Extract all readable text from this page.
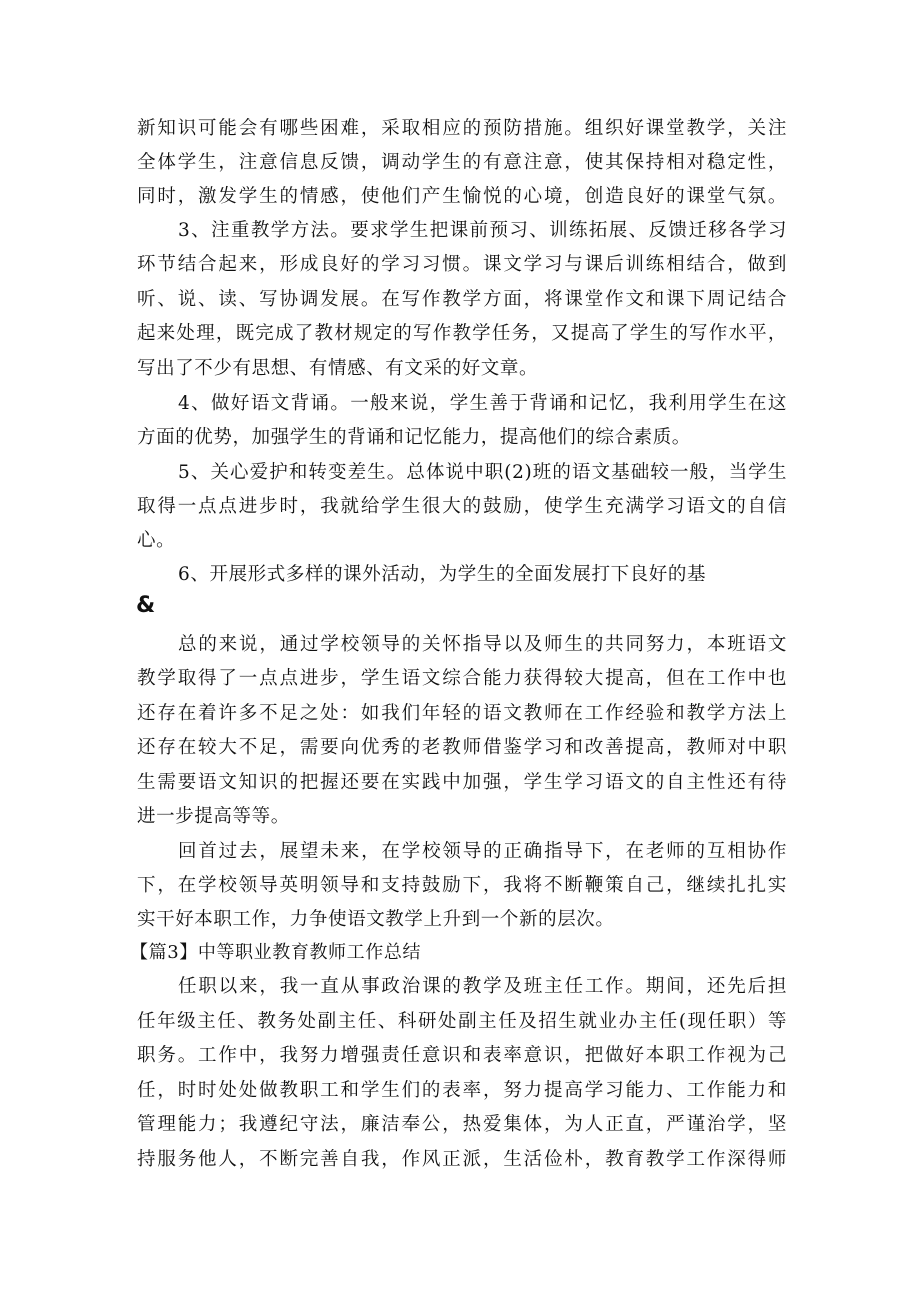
新知识可能会有哪些困难，采取相应的预防措施。组织好课堂教学，关注
全体学生，注意信息反馈，调动学生的有意注意，使其保持相对稳定性，
同时，激发学生的情感，使他们产生愉悦的心境，创造良好的课堂气氛。
3、注重教学方法。要求学生把课前预习、训练拓展、反馈迁移各学习
环节结合起来，形成良好的学习习惯。课文学习与课后训练相结合，做到
听、说、读、写协调发展。在写作教学方面，将课堂作文和课下周记结合
起来处理，既完成了教材规定的写作教学任务，又提高了学生的写作水平，
写出了不少有思想、有情感、有文采的好文章。
4、做好语文背诵。一般来说，学生善于背诵和记忆，我利用学生在这
方面的优势，加强学生的背诵和记忆能力，提高他们的综合素质。
5、关心爱护和转变差生。总体说中职(2)班的语文基础较一般，当学生
取得一点点进步时，我就给学生很大的鼓励，使学生充满学习语文的自信
心。
6、开展形式多样的课外活动，为学生的全面发展打下良好的基
&
总的来说，通过学校领导的关怀指导以及师生的共同努力，本班语文
教学取得了一点点进步，学生语文综合能力获得较大提高，但在工作中也
还存在着许多不足之处：如我们年轻的语文教师在工作经验和教学方法上
还存在较大不足，需要向优秀的老教师借鉴学习和改善提高，教师对中职
生需要语文知识的把握还要在实践中加强，学生学习语文的自主性还有待
进一步提高等等。
回首过去，展望未来，在学校领导的正确指导下，在老师的互相协作
下，在学校领导英明领导和支持鼓励下，我将不断鞭策自己，继续扎扎实
实干好本职工作，力争使语文教学上升到一个新的层次。
【篇3】中等职业教育教师工作总结
任职以来，我一直从事政治课的教学及班主任工作。期间，还先后担
任年级主任、教务处副主任、科研处副主任及招生就业办主任(现任职）等
职务。工作中，我努力增强责任意识和表率意识，把做好本职工作视为己
任，时时处处做教职工和学生们的表率，努力提高学习能力、工作能力和
管理能力；我遵纪守法，廉洁奉公，热爱集体，为人正直，严谨治学，坚
持服务他人，不断完善自我，作风正派，生活俭朴，教育教学工作深得师
